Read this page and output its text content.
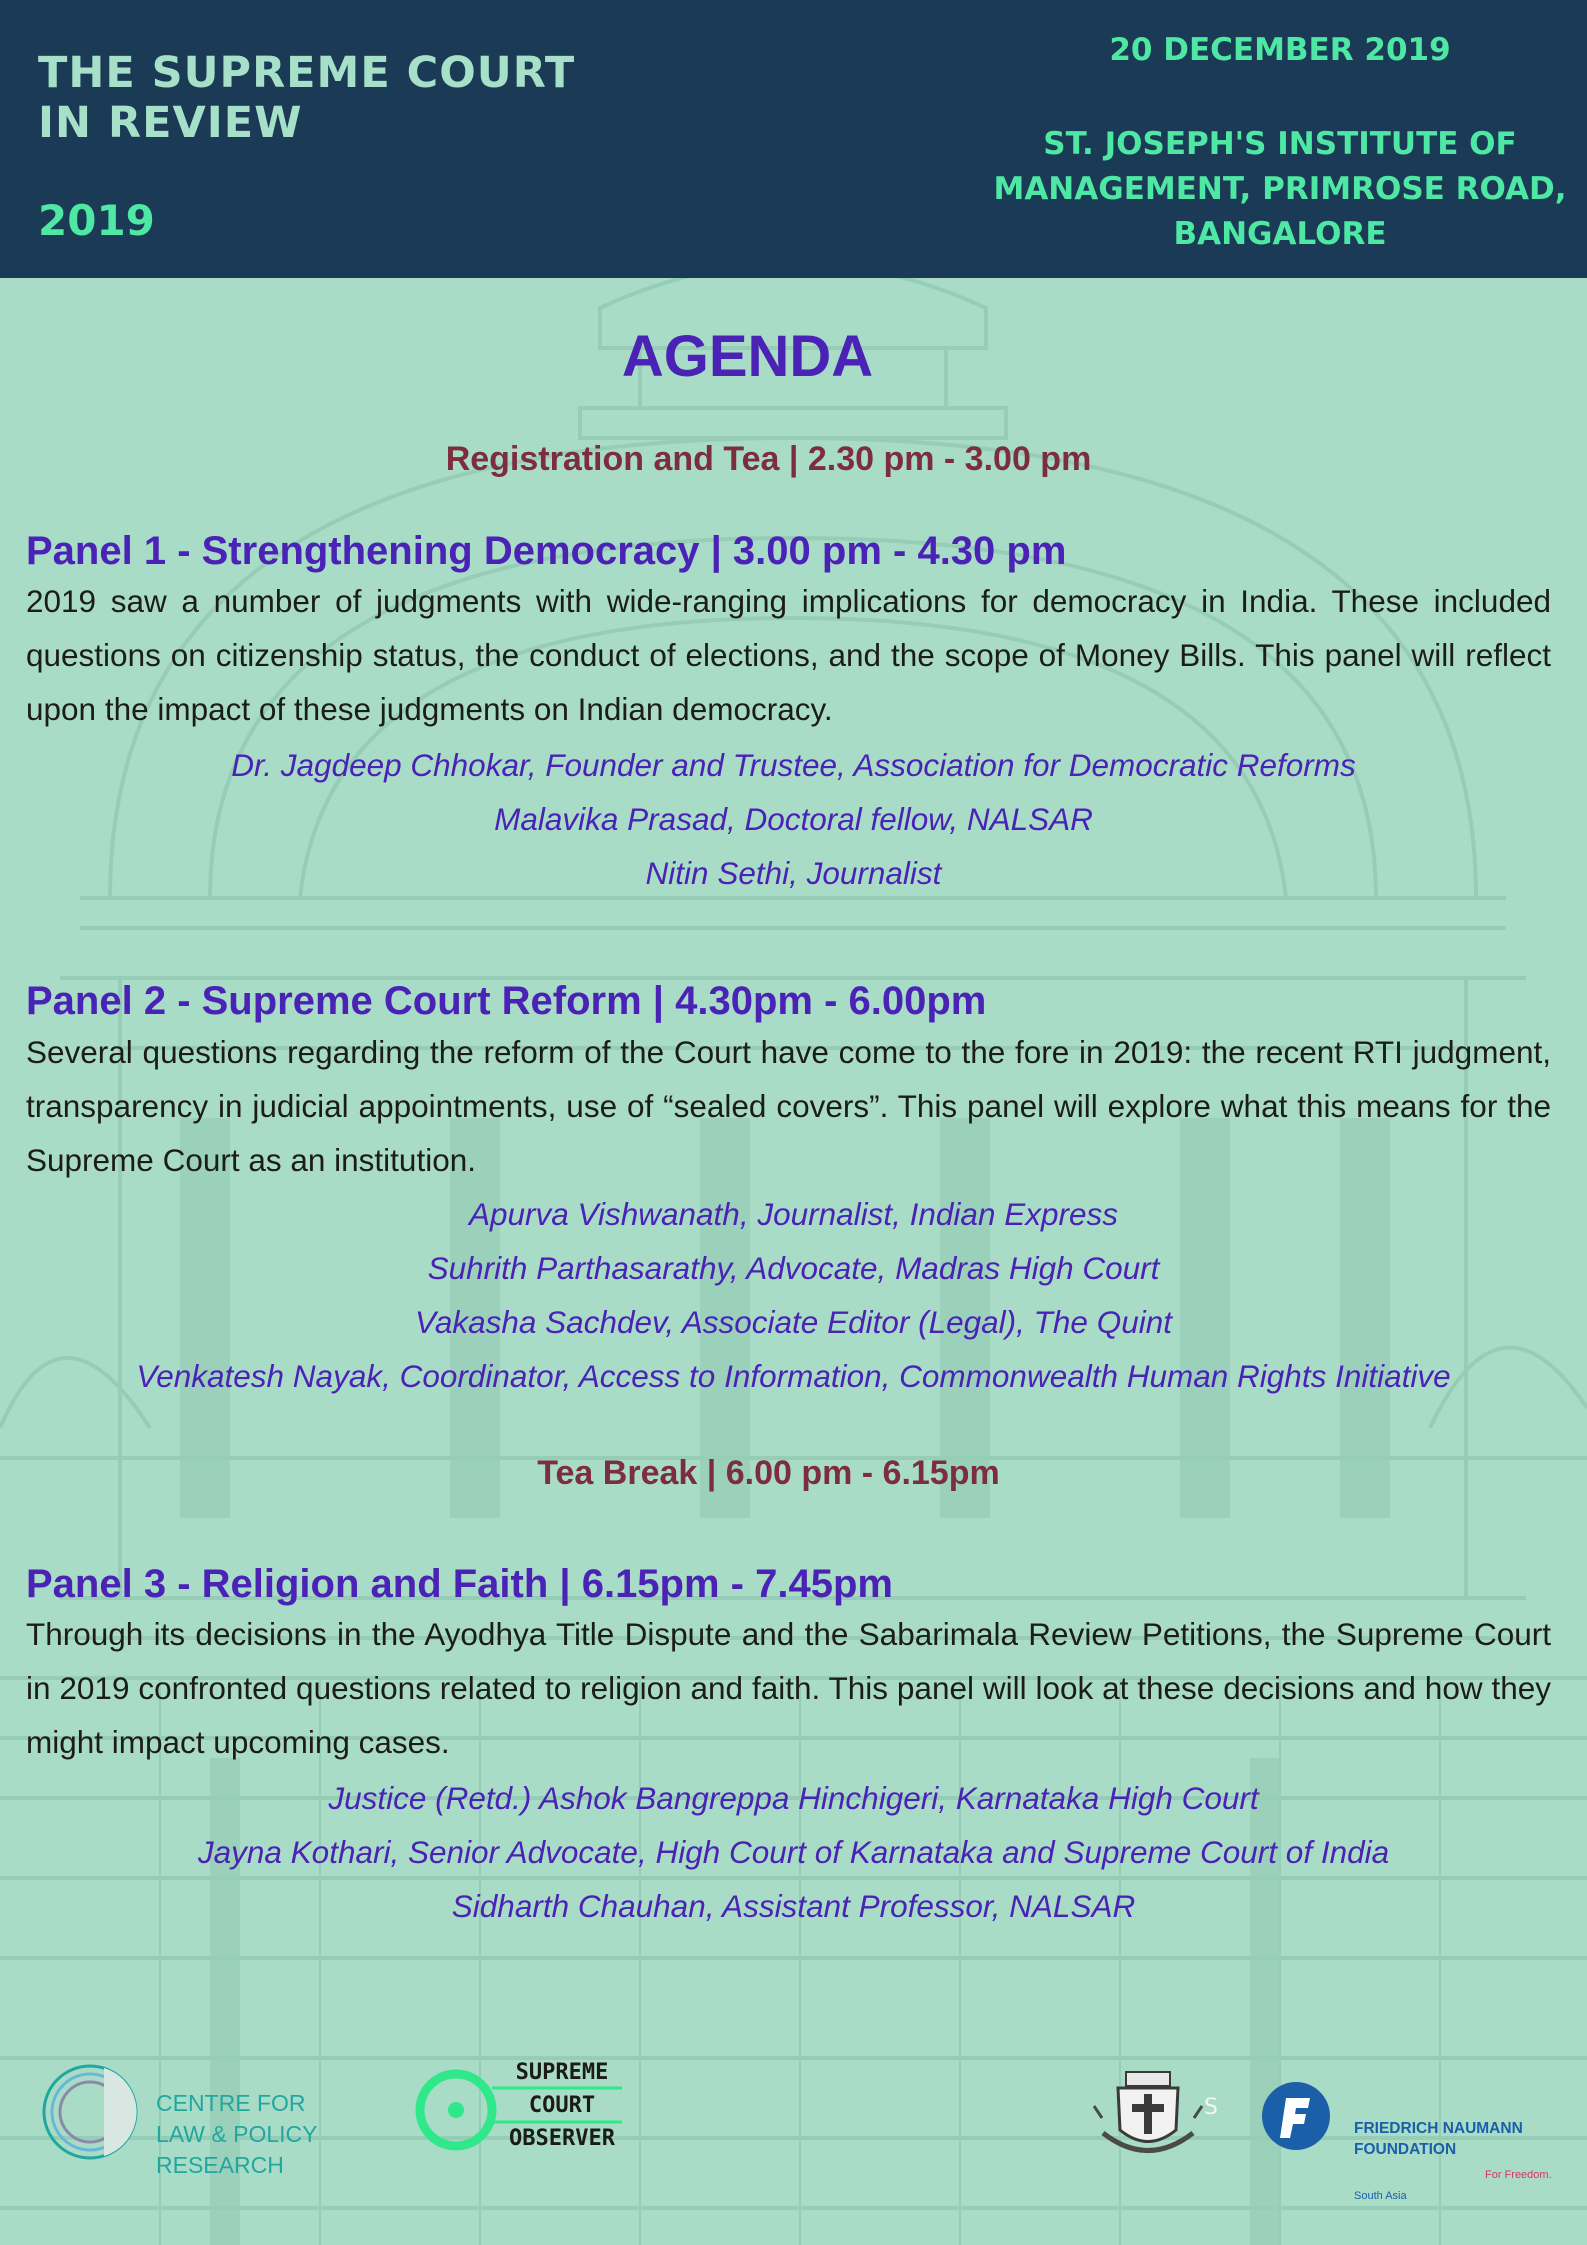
THE SUPREME COURT IN REVIEW
2019
20 DECEMBER 2019
ST. JOSEPH'S INSTITUTE OF MANAGEMENT, PRIMROSE ROAD, BANGALORE
AGENDA
Registration and Tea | 2.30 pm - 3.00 pm
Panel 1 - Strengthening Democracy | 3.00 pm - 4.30 pm

2019 saw a number of judgments with wide-ranging implications for democracy in India. These included questions on citizenship status, the conduct of elections, and the scope of Money Bills. This panel will reflect upon the impact of these judgments on Indian democracy.

Dr. Jagdeep Chhokar, Founder and Trustee, Association for Democratic Reforms
Malavika Prasad, Doctoral fellow, NALSAR
Nitin Sethi, Journalist
Panel 2 - Supreme Court Reform | 4.30pm - 6.00pm

Several questions regarding the reform of the Court have come to the fore in 2019: the recent RTI judgment, transparency in judicial appointments, use of “sealed covers”. This panel will explore what this means for the Supreme Court as an institution.

Apurva Vishwanath, Journalist, Indian Express
Suhrith Parthasarathy, Advocate, Madras High Court
Vakasha Sachdev, Associate Editor (Legal), The Quint
Venkatesh Nayak, Coordinator, Access to Information, Commonwealth Human Rights Initiative
Tea Break | 6.00 pm - 6.15pm
Panel 3 - Religion and Faith | 6.15pm - 7.45pm

Through its decisions in the Ayodhya Title Dispute and the Sabarimala Review Petitions, the Supreme Court in 2019 confronted questions related to religion and faith. This panel will look at these decisions and how they might impact upcoming cases.

Justice (Retd.) Ashok Bangreppa Hinchigeri, Karnataka High Court
Jayna Kothari, Senior Advocate, High Court of Karnataka and Supreme Court of India
Sidharth Chauhan, Assistant Professor, NALSAR
CENTRE FOR
LAW & POLICY
RESEARCH
SUPREME
COURT
OBSERVER
S
FRIEDRICH NAUMANN
FOUNDATION
For Freedom.
South Asia
